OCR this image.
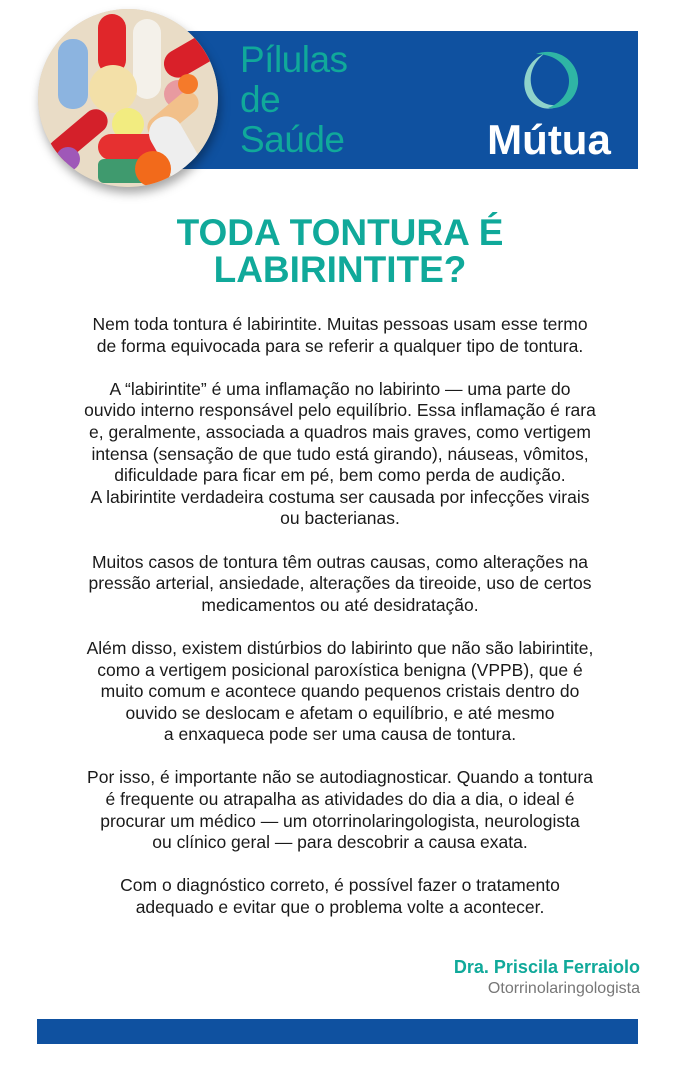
Pílulas
de
Saúde	Mútua
TODA TONTURA É
LABIRINTITE?

Nem toda tontura é labirintite. Muitas pessoas usam esse termo
de forma equivocada para se referir a qualquer tipo de tontura.

A “labirintite” é uma inflamação no labirinto — uma parte do
ouvido interno responsável pelo equilíbrio. Essa inflamação é rara
e, geralmente, associada a quadros mais graves, como vertigem
intensa (sensação de que tudo está girando), náuseas, vômitos,
dificuldade para ficar em pé, bem como perda de audição.
A labirintite verdadeira costuma ser causada por infecções virais
ou bacterianas.

Muitos casos de tontura têm outras causas, como alterações na
pressão arterial, ansiedade, alterações da tireoide, uso de certos
medicamentos ou até desidratação.

Além disso, existem distúrbios do labirinto que não são labirintite,
como a vertigem posicional paroxística benigna (VPPB), que é
muito comum e acontece quando pequenos cristais dentro do
ouvido se deslocam e afetam o equilíbrio, e até mesmo
a enxaqueca pode ser uma causa de tontura.

Por isso, é importante não se autodiagnosticar. Quando a tontura
é frequente ou atrapalha as atividades do dia a dia, o ideal é
procurar um médico — um otorrinolaringologista, neurologista
ou clínico geral — para descobrir a causa exata.

Com o diagnóstico correto, é possível fazer o tratamento
adequado e evitar que o problema volte a acontecer.

Dra. Priscila Ferraiolo
Otorrinolaringologista
